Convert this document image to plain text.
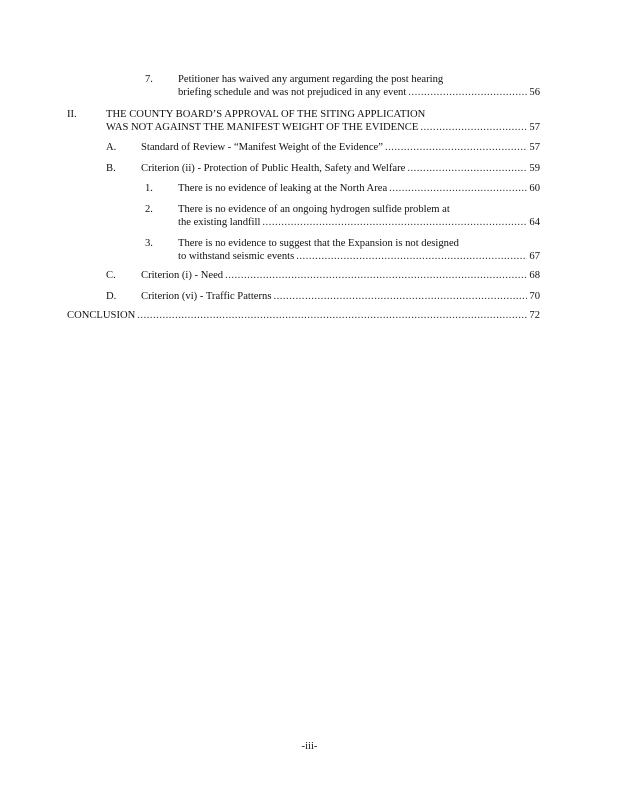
7. Petitioner has waived any argument regarding the post hearing
briefing schedule and was not prejudiced in any event .....	56
II.	THE COUNTY BOARD’S APPROVAL OF THE SITING APPLICATION
WAS NOT AGAINST THE MANIFEST WEIGHT OF THE EVIDENCE .....	57
A. Standard of Review - “Manifest Weight of the Evidence” .....	57
B. Criterion (ii) - Protection of Public Health, Safety and Welfare .....	59
1. There is no evidence of leaking at the North Area .....	60
2. There is no evidence of an ongoing hydrogen sulfide problem at
the existing landfill .....	64
3. There is no evidence to suggest that the Expansion is not designed
to withstand seismic events .....	67
C. Criterion (i) - Need .....	68
D. Criterion (vi) - Traffic Patterns .....	70
CONCLUSION .....	72
-iii-
